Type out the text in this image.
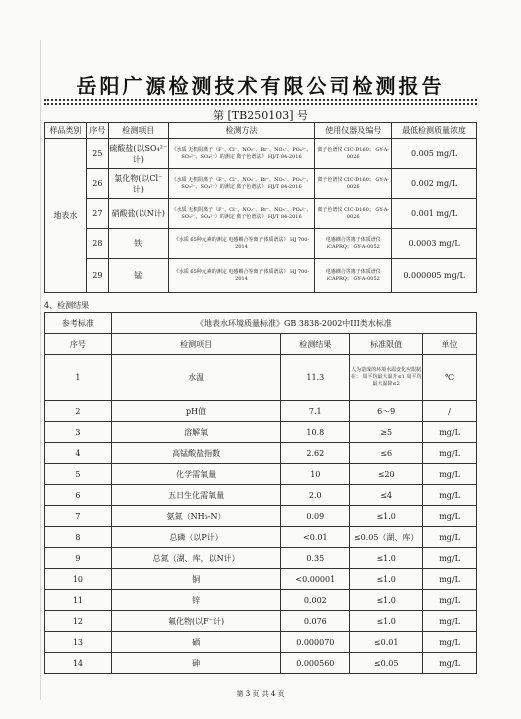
岳阳广源检测技术有限公司检测报告
第 [TB250103] 号
样品类别	序号	检测项目	检测方法	使用仪器及编号	最低检测质量浓度
地表水	25	硫酸盐(以SO₄²⁻计)	《水质 无机阴离子（F⁻、Cl⁻、NO₂⁻、Br⁻、NO₃⁻、PO₄³⁻、SO₃²⁻、SO₄²⁻）的测定 离子色谱法》 HJ/T 84-2016	离子色谱仪 CIC-D160； GY-A-0026	0.005 mg/L
	26	氯化物(以Cl⁻计)	《水质 无机阴离子（F⁻、Cl⁻、NO₂⁻、Br⁻、NO₃⁻、PO₄³⁻、SO₃²⁻、SO₄²⁻）的测定 离子色谱法》 HJ/T 84-2016	离子色谱仪 CIC-D160； GY-A-0026	0.002 mg/L
	27	硝酸盐(以N计)	《水质 无机阴离子（F⁻、Cl⁻、NO₂⁻、Br⁻、NO₃⁻、PO₄³⁻、SO₃²⁻、SO₄²⁻）的测定 离子色谱法》 HJ/T 84-2016	离子色谱仪 CIC-D160； GY-A-0026	0.001 mg/L
	28	铁	《水质 65种元素的测定 电感耦合等离子体质谱法》 HJ 700-2014	电感耦合等离子体质谱仪iCAPRQ； GY-A-0052	0.0003 mg/L
	29	锰	《水质 65种元素的测定 电感耦合等离子体质谱法》 HJ 700-2014	电感耦合等离子体质谱仪iCAPRQ； GY-A-0052	0.000005 mg/L
4、检测结果
参考标准	《地表水环境质量标准》GB 3838-2002中III类水标准			
序号	检测项目	检测结果	标准限值	单位
1	水温	11.3	人为造成的环境水温变化应限制在： 周平均最大温升≤1 周平均最大温降≤2	℃
2	pH值	7.1	6～9	/
3	溶解氧	10.8	≥5	mg/L
4	高锰酸盐指数	2.62	≤6	mg/L
5	化学需氧量	10	≤20	mg/L
6	五日生化需氧量	2.0	≤4	mg/L
7	氨氮（NH₃-N）	0.09	≤1.0	mg/L
8	总磷（以P计）	<0.01	≤0.05（湖、库）	mg/L
9	总氮（湖、库，以N计）	0.35	≤1.0	mg/L
10	铜	<0.00001	≤1.0	mg/L
11	锌	0.002	≤1.0	mg/L
12	氟化物(以F⁻计)	0.076	≤1.0	mg/L
13	硒	0.000070	≤0.01	mg/L
14	砷	0.000560	≤0.05	mg/L
第 3 页 共 4 页
